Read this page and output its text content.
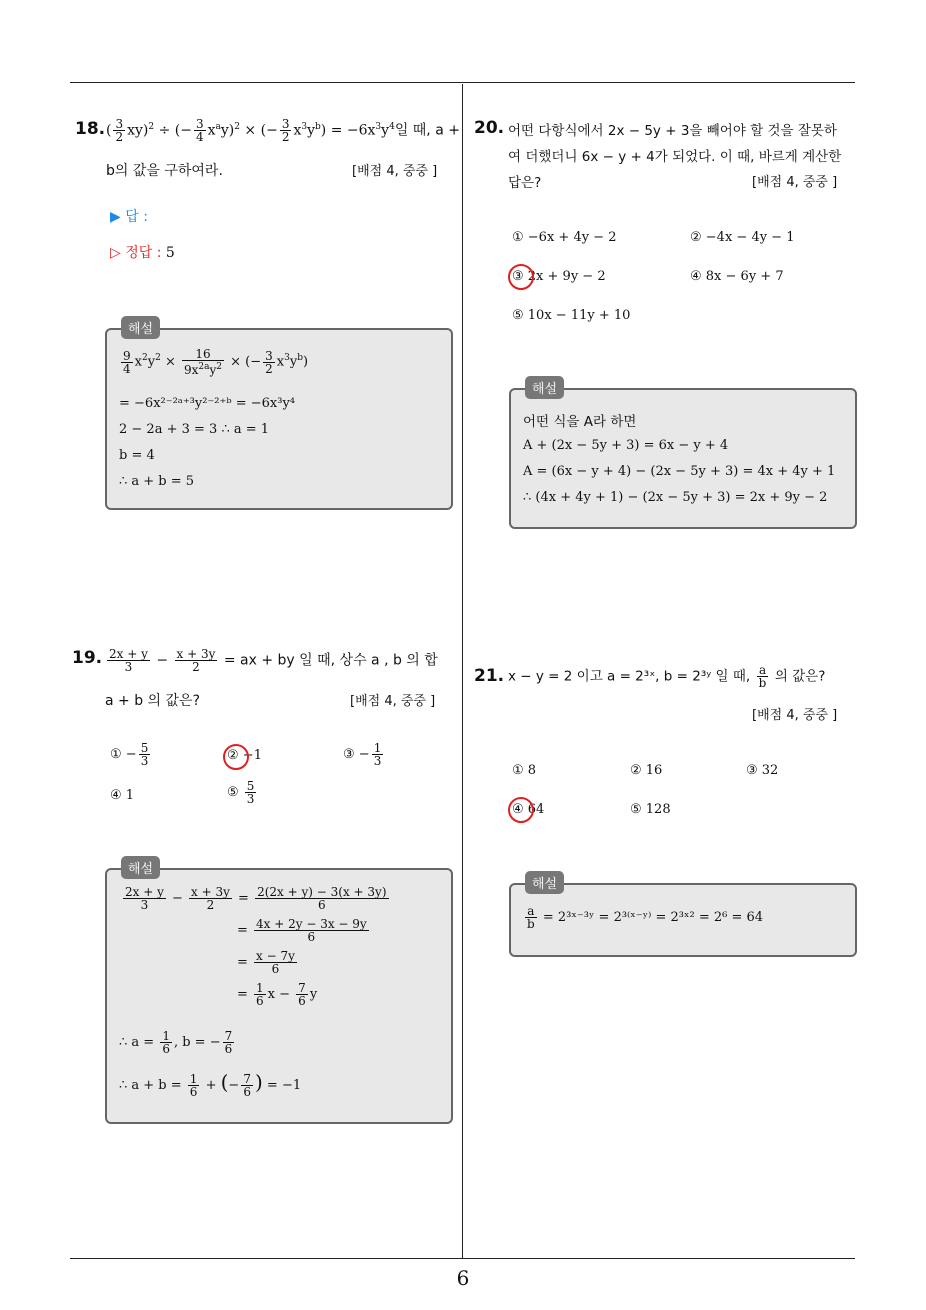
18. ( $\frac{3}{2} xy)^2$ ÷ (− $\frac{3}{4} x^ay)^2$ × (− $\frac{3}{2} x^3y^b) = -6x^3y^4$일 때, a +
b의 값을 구하여라.	[배점 4, 중중 ]
▶ 답 :
▷ 정답 : 5
$\frac{9}{4} x^2y^2 \times \frac{16}{9x^{2a}y^2}$ × (− $\frac{3}{2} x^3y^b$)
= −6x²⁻²ᵃ⁺³y²⁻²⁺ᵇ = −6x³y⁴
2 − 2a + 3 = 3 ∴ a = 1
b = 4
∴ a + b = 5
해설
19. $\frac{2x + y}{3} - \frac{x + 3y}{2}$ = ax + by 일 때, 상수 a , b 의 합
a + b 의 값은?	[배점 4, 중중 ]
① − $\frac{5}{3}$	② −1	③ − $\frac{1}{3}$
④ 1	⑤ $\frac{5}{3}$
$\frac{2x + y}{3} - \frac{x + 3y}{2} = \frac{2(2x + y) - 3(x + 3y)}{6}$
= $\frac{4x + 2y - 3x - 9y}{6}$
= $\frac{x - 7y}{6}$
= $\frac{1}{6}$ $x - \frac{7}{6}$ y
∴ $a = \frac{1}{6}$ , b = − $\frac{7}{6}$
∴ $a + b = \frac{1}{6}$ + (− $\frac{7}{6}$ ) = −1
해설
20. 어떤 다항식에서 2x − 5y + 3을 빼어야 할 것을 잘못하
여 더했더니 6x − y + 4가 되었다. 이 때, 바르게 계산한
답은?	[배점 4, 중중 ]
① −6x + 4y − 2	② −4x − 4y − 1
③ 2x + 9y − 2	④ 8x − 6y + 7
⑤ 10x − 11y + 10
어떤 식을 A라 하면
A + (2x − 5y + 3) = 6x − y + 4
A = (6x − y + 4) − (2x − 5y + 3) = 4x + 4y + 1
∴ (4x + 4y + 1) − (2x − 5y + 3) = 2x + 9y − 2
해설
21. x − y = 2 이고 a = 2³ˣ, b = 2³ʸ 일 때, $\frac{a}{b}$ 의 값은?
[배점 4, 중중 ]
① 8	② 16	③ 32
④ 64	⑤ 128
$\frac{a}{b}$ = 2³ˣ⁻³ʸ = 2³⁽ˣ⁻ʸ⁾ = 2³ˣ² = 2⁶ = 64
해설
6
